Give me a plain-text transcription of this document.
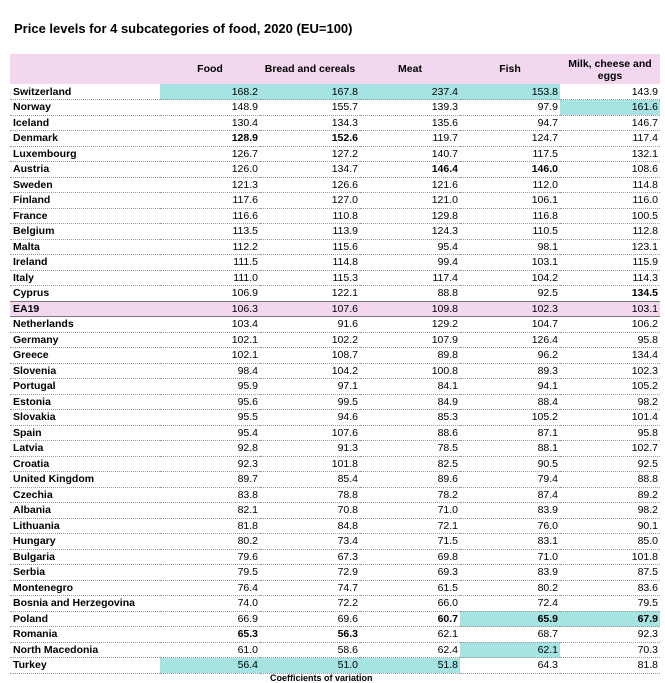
Price levels for 4 subcategories of food, 2020 (EU=100)
	Food	Bread and cereals	Meat	Fish	Milk, cheese and eggs
Switzerland	168.2	167.8	237.4	153.8	143.9
Norway	148.9	155.7	139.3	97.9	161.6
Iceland	130.4	134.3	135.6	94.7	146.7
Denmark	128.9	152.6	119.7	124.7	117.4
Luxembourg	126.7	127.2	140.7	117.5	132.1
Austria	126.0	134.7	146.4	146.0	108.6
Sweden	121.3	126.6	121.6	112.0	114.8
Finland	117.6	127.0	121.0	106.1	116.0
France	116.6	110.8	129.8	116.8	100.5
Belgium	113.5	113.9	124.3	110.5	112.8
Malta	112.2	115.6	95.4	98.1	123.1
Ireland	111.5	114.8	99.4	103.1	115.9
Italy	111.0	115.3	117.4	104.2	114.3
Cyprus	106.9	122.1	88.8	92.5	134.5
EA19	106.3	107.6	109.8	102.3	103.1
Netherlands	103.4	91.6	129.2	104.7	106.2
Germany	102.1	102.2	107.9	126.4	95.8
Greece	102.1	108.7	89.8	96.2	134.4
Slovenia	98.4	104.2	100.8	89.3	102.3
Portugal	95.9	97.1	84.1	94.1	105.2
Estonia	95.6	99.5	84.9	88.4	98.2
Slovakia	95.5	94.6	85.3	105.2	101.4
Spain	95.4	107.6	88.6	87.1	95.8
Latvia	92.8	91.3	78.5	88.1	102.7
Croatia	92.3	101.8	82.5	90.5	92.5
United Kingdom	89.7	85.4	89.6	79.4	88.8
Czechia	83.8	78.8	78.2	87.4	89.2
Albania	82.1	70.8	71.0	83.9	98.2
Lithuania	81.8	84.8	72.1	76.0	90.1
Hungary	80.2	73.4	71.5	83.1	85.0
Bulgaria	79.6	67.3	69.8	71.0	101.8
Serbia	79.5	72.9	69.3	83.9	87.5
Montenegro	76.4	74.7	61.5	80.2	83.6
Bosnia and Herzegovina	74.0	72.2	66.0	72.4	79.5
Poland	66.9	69.6	60.7	65.9	67.9
Romania	65.3	56.3	62.1	68.7	92.3
North Macedonia	61.0	58.6	62.4	62.1	70.3
Turkey	56.4	51.0	51.8	64.3	81.8
Coefficients of variation
